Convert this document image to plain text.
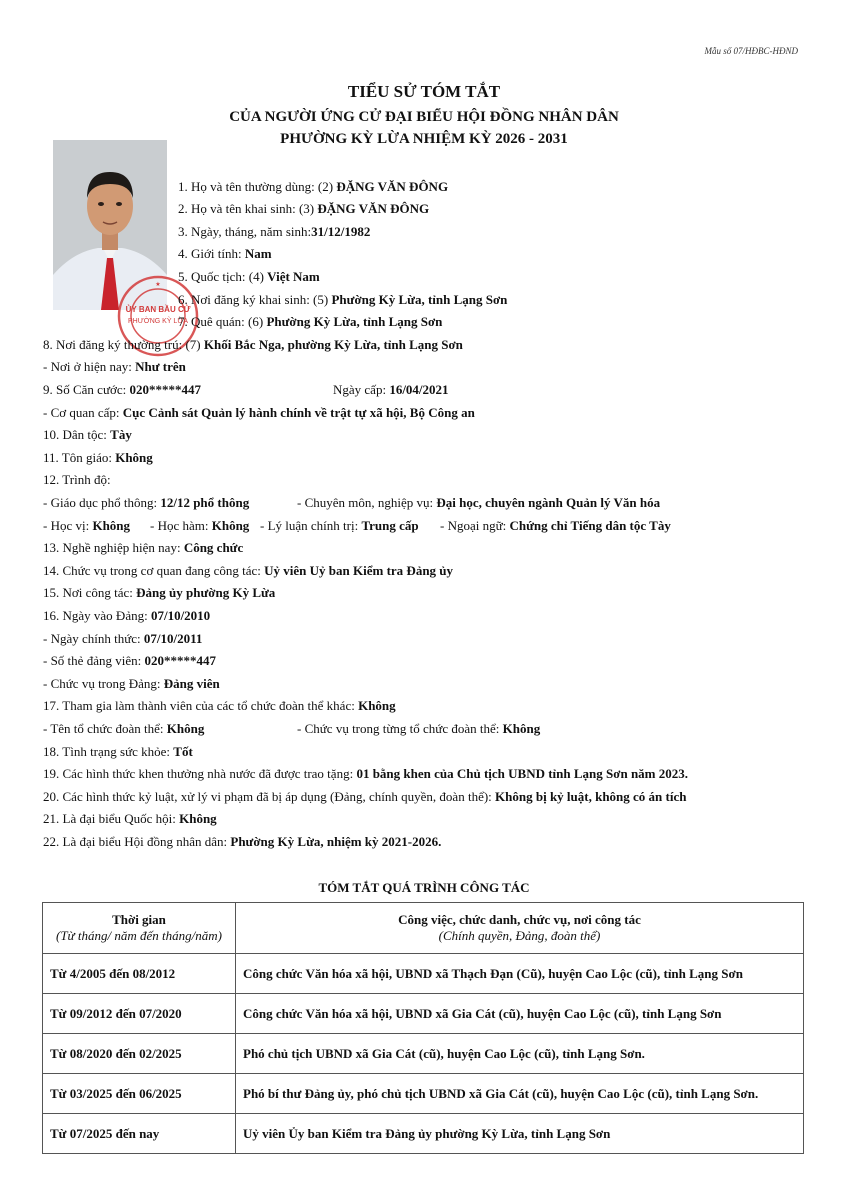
Mẫu số 07/HĐBC-HĐND
TIỂU SỬ TÓM TẮT
CỦA NGƯỜI ỨNG CỬ ĐẠI BIỂU HỘI ĐỒNG NHÂN DÂN
PHƯỜNG KỲ LỪA NHIỆM KỲ 2026 - 2031
ỦY BAN BẦU CỬ
PHƯỜNG KỲ LỪA
★
1. Họ và tên thường dùng: (2) ĐẶNG VĂN ĐÔNG
2. Họ và tên khai sinh: (3) ĐẶNG VĂN ĐÔNG
3. Ngày, tháng, năm sinh:31/12/1982
4. Giới tính: Nam
5. Quốc tịch: (4) Việt Nam
6. Nơi đăng ký khai sinh: (5) Phường Kỳ Lừa, tỉnh Lạng Sơn
7. Quê quán: (6) Phường Kỳ Lừa, tỉnh Lạng Sơn
8. Nơi đăng ký thường trú: (7) Khối Bắc Nga, phường Kỳ Lừa, tỉnh Lạng Sơn
- Nơi ở hiện nay: Như trên
9. Số Căn cước: 020*****447	Ngày cấp: 16/04/2021
- Cơ quan cấp: Cục Cảnh sát Quản lý hành chính về trật tự xã hội, Bộ Công an
10. Dân tộc: Tày
11. Tôn giáo: Không
12. Trình độ:
- Giáo dục phổ thông: 12/12 phổ thông	- Chuyên môn, nghiệp vụ: Đại học, chuyên ngành Quản lý Văn hóa
- Học vị: Không - Học hàm: Không - Lý luận chính trị: Trung cấp - Ngoại ngữ: Chứng chỉ Tiếng dân tộc Tày
13. Nghề nghiệp hiện nay: Công chức
14. Chức vụ trong cơ quan đang công tác: Uỷ viên Uỷ ban Kiểm tra Đảng ủy
15. Nơi công tác: Đảng ủy phường Kỳ Lừa
16. Ngày vào Đảng: 07/10/2010
- Ngày chính thức: 07/10/2011
- Số thẻ đảng viên: 020*****447
- Chức vụ trong Đảng: Đảng viên
17. Tham gia làm thành viên của các tổ chức đoàn thể khác: Không
- Tên tổ chức đoàn thể: Không	- Chức vụ trong từng tổ chức đoàn thể: Không
18. Tình trạng sức khỏe: Tốt
19. Các hình thức khen thưởng nhà nước đã được trao tặng: 01 bằng khen của Chủ tịch UBND tỉnh Lạng Sơn năm 2023.
20. Các hình thức kỷ luật, xử lý vi phạm đã bị áp dụng (Đảng, chính quyền, đoàn thể): Không bị kỷ luật, không có án tích
21. Là đại biểu Quốc hội: Không
22. Là đại biểu Hội đồng nhân dân: Phường Kỳ Lừa, nhiệm kỳ 2021-2026.
TÓM TẮT QUÁ TRÌNH CÔNG TÁC
Thời gian
(Từ tháng/ năm đến tháng/năm)	Công việc, chức danh, chức vụ, nơi công tác
(Chính quyền, Đảng, đoàn thể)

Từ 4/2005 đến 08/2012	Công chức Văn hóa xã hội, UBND xã Thạch Đạn (Cũ), huyện Cao Lộc (cũ), tỉnh Lạng Sơn
Từ 09/2012 đến 07/2020	Công chức Văn hóa xã hội, UBND xã Gia Cát (cũ), huyện Cao Lộc (cũ), tỉnh Lạng Sơn
Từ 08/2020 đến 02/2025	Phó chủ tịch UBND xã Gia Cát (cũ), huyện Cao Lộc (cũ), tỉnh Lạng Sơn.
Từ 03/2025 đến 06/2025	Phó bí thư Đảng ủy, phó chủ tịch UBND xã Gia Cát (cũ), huyện Cao Lộc (cũ), tỉnh Lạng Sơn.
Từ 07/2025 đến nay	Uỷ viên Ủy ban Kiểm tra Đảng ủy phường Kỳ Lừa, tỉnh Lạng Sơn
